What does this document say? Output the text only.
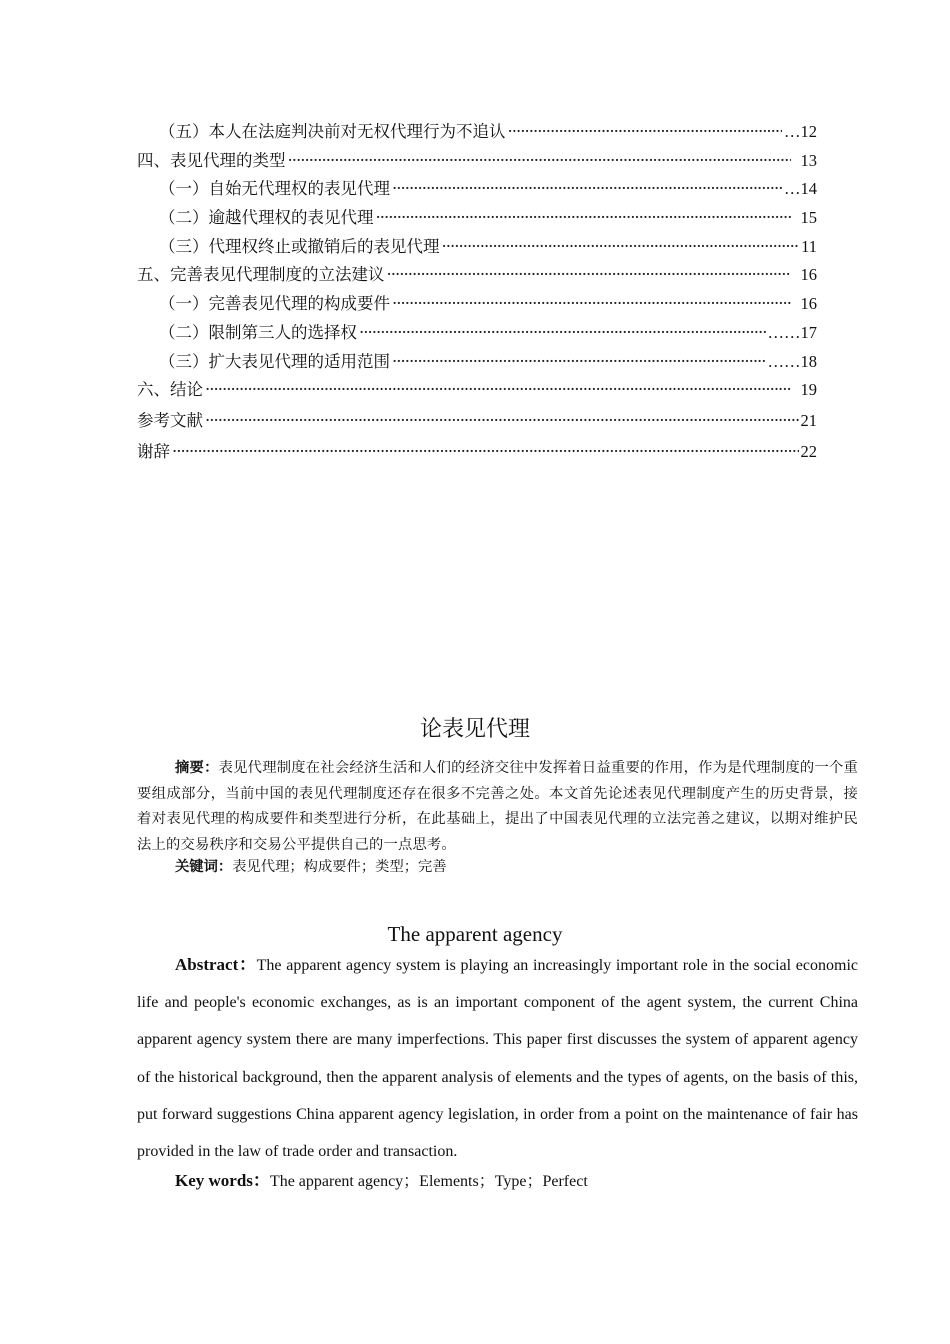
（五）本人在法庭判决前对无权代理行为不追认 ·····	…12
四、表见代理的类型 ·····	13
（一）自始无代理权的表见代理 ·····	…14
（二）逾越代理权的表见代理 ·····	15
（三）代理权终止或撤销后的表见代理 ·····	11
五、完善表见代理制度的立法建议 ·····	16
（一）完善表见代理的构成要件 ·····	16
（二）限制第三人的选择权 ·····	……17
（三）扩大表见代理的适用范围 ·····	……18
六、结论 ·····	19
参考文献 ·····	21
谢辞 ·····	22
论表见代理
摘要：表见代理制度在社会经济生活和人们的经济交往中发挥着日益重要的作用，作为是代理制度的一个重要组成部分，当前中国的表见代理制度还存在很多不完善之处。本文首先论述表见代理制度产生的历史背景，接着对表见代理的构成要件和类型进行分析，在此基础上，提出了中国表见代理的立法完善之建议，以期对维护民法上的交易秩序和交易公平提供自己的一点思考。
关键词：表见代理；构成要件；类型；完善
The apparent agency
Abstract：The apparent agency system is playing an increasingly important role in the social economic life and people's economic exchanges, as is an important component of the agent system, the current China apparent agency system there are many imperfections. This paper first discusses the system of apparent agency of the historical background, then the apparent analysis of elements and the types of agents, on the basis of this, put forward suggestions China apparent agency legislation, in order from a point on the maintenance of fair has provided in the law of trade order and transaction.
Key words：The apparent agency；Elements；Type；Perfect
